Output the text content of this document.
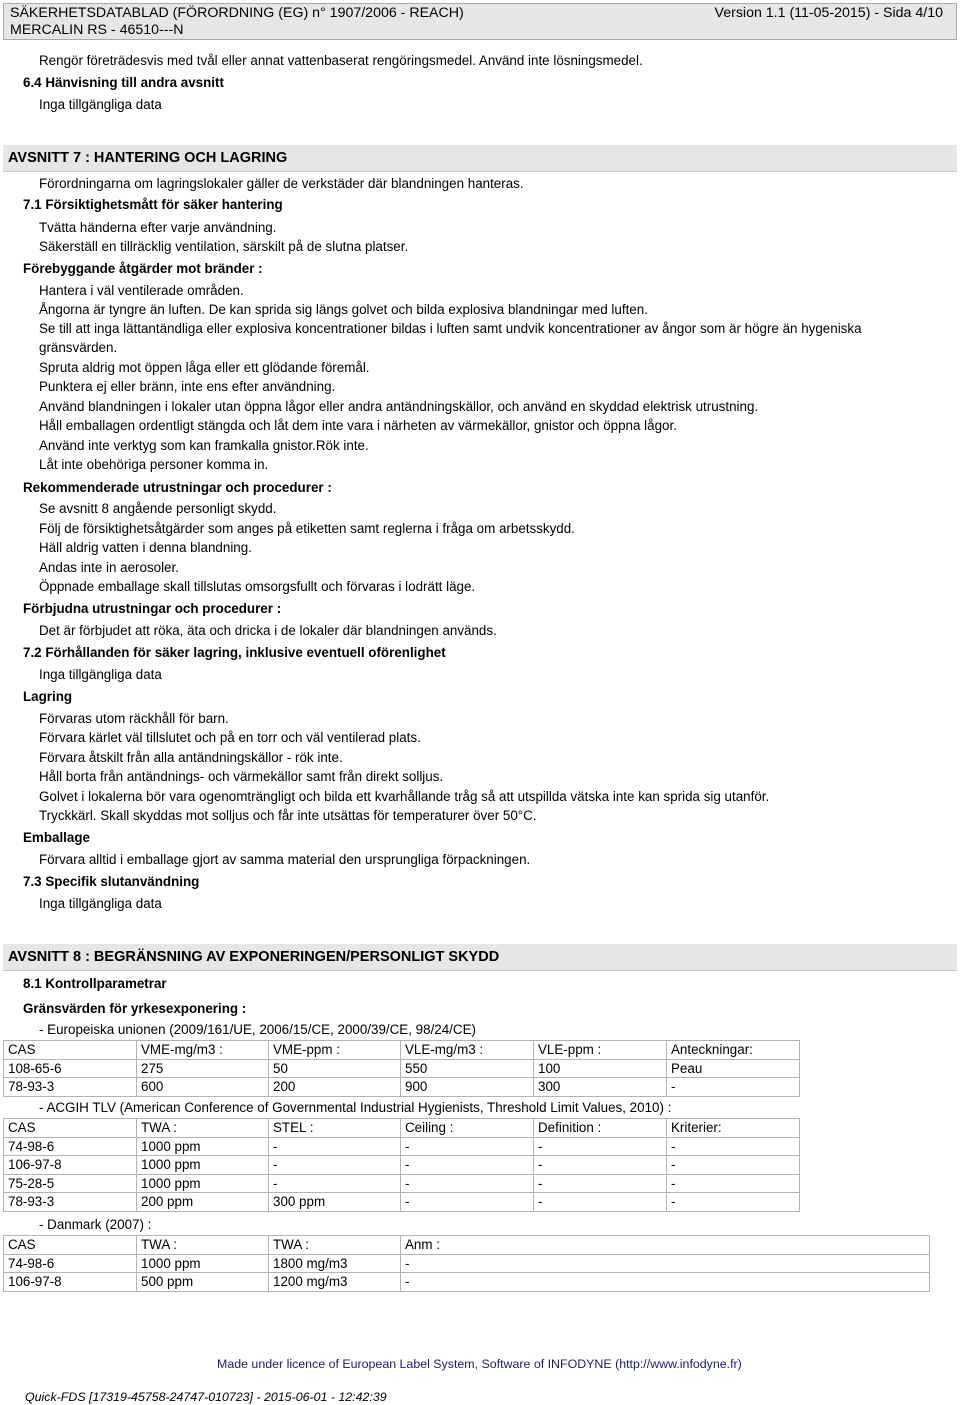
SÄKERHETSDATABLAD (FÖRORDNING (EG) n° 1907/2006 - REACH)
MERCALIN RS - 46510---N
Version 1.1 (11-05-2015) - Sida 4/10
Rengör företrädesvis med tvål eller annat vattenbaserat rengöringsmedel. Använd inte lösningsmedel.
6.4 Hänvisning till andra avsnitt
Inga tillgängliga data
AVSNITT 7 : HANTERING OCH LAGRING
Förordningarna om lagringslokaler gäller de verkstäder där blandningen hanteras.
7.1 Försiktighetsmått för säker hantering
Tvätta händerna efter varje användning.
Säkerställ en tillräcklig ventilation, särskilt på de slutna platser.
Förebyggande åtgärder mot bränder :
Hantera i väl ventilerade områden.
Ångorna är tyngre än luften. De kan sprida sig längs golvet och bilda explosiva blandningar med luften.
Se till att inga lättantändliga eller explosiva koncentrationer bildas i luften samt undvik koncentrationer av ångor som är högre än hygeniska
gränsvärden.
Spruta aldrig mot öppen låga eller ett glödande föremål.
Punktera ej eller bränn, inte ens efter användning.
Använd blandningen i lokaler utan öppna lågor eller andra antändningskällor, och använd en skyddad elektrisk utrustning.
Håll emballagen ordentligt stängda och låt dem inte vara i närheten av värmekällor, gnistor och öppna lågor.
Använd inte verktyg som kan framkalla gnistor.Rök inte.
Låt inte obehöriga personer komma in.
Rekommenderade utrustningar och procedurer :
Se avsnitt 8 angående personligt skydd.
Följ de försiktighetsåtgärder som anges på etiketten samt reglerna i fråga om arbetsskydd.
Häll aldrig vatten i denna blandning.
Andas inte in aerosoler.
Öppnade emballage skall tillslutas omsorgsfullt och förvaras i lodrätt läge.
Förbjudna utrustningar och procedurer :
Det är förbjudet att röka, äta och dricka i de lokaler där blandningen används.
7.2 Förhållanden för säker lagring, inklusive eventuell oförenlighet
Inga tillgängliga data
Lagring
Förvaras utom räckhåll för barn.
Förvara kärlet väl tillslutet och på en torr och väl ventilerad plats.
Förvara åtskilt från alla antändningskällor - rök inte.
Håll borta från antändnings- och värmekällor samt från direkt solljus.
Golvet i lokalerna bör vara ogenomträngligt och bilda ett kvarhållande tråg så att utspillda vätska inte kan sprida sig utanför.
Tryckkärl. Skall skyddas mot solljus och får inte utsättas för temperaturer över 50°C.
Emballage
Förvara alltid i emballage gjort av samma material den ursprungliga förpackningen.
7.3 Specifik slutanvändning
Inga tillgängliga data
AVSNITT 8 : BEGRÄNSNING AV EXPONERINGEN/PERSONLIGT SKYDD
8.1 Kontrollparametrar
Gränsvärden för yrkesexponering :
- Europeiska unionen (2009/161/UE, 2006/15/CE, 2000/39/CE, 98/24/CE)
CAS	VME-mg/m3 :	VME-ppm :	VLE-mg/m3 :	VLE-ppm :	Anteckningar:
108-65-6	275	50	550	100	Peau
78-93-3	600	200	900	300	-
- ACGIH TLV (American Conference of Governmental Industrial Hygienists, Threshold Limit Values, 2010) :
CAS	TWA :	STEL :	Ceiling :	Definition :	Kriterier:
74-98-6	1000 ppm	-	-	-	-
106-97-8	1000 ppm	-	-	-	-
75-28-5	1000 ppm	-	-	-	-
78-93-3	200 ppm	300 ppm	-	-	-
- Danmark (2007) :
CAS	TWA :	TWA :	Anm :
74-98-6	1000 ppm	1800 mg/m3	-
106-97-8	500 ppm	1200 mg/m3	-
Made under licence of European Label System, Software of INFODYNE (http://www.infodyne.fr)
Quick-FDS [17319-45758-24747-010723] - 2015-06-01 - 12:42:39
